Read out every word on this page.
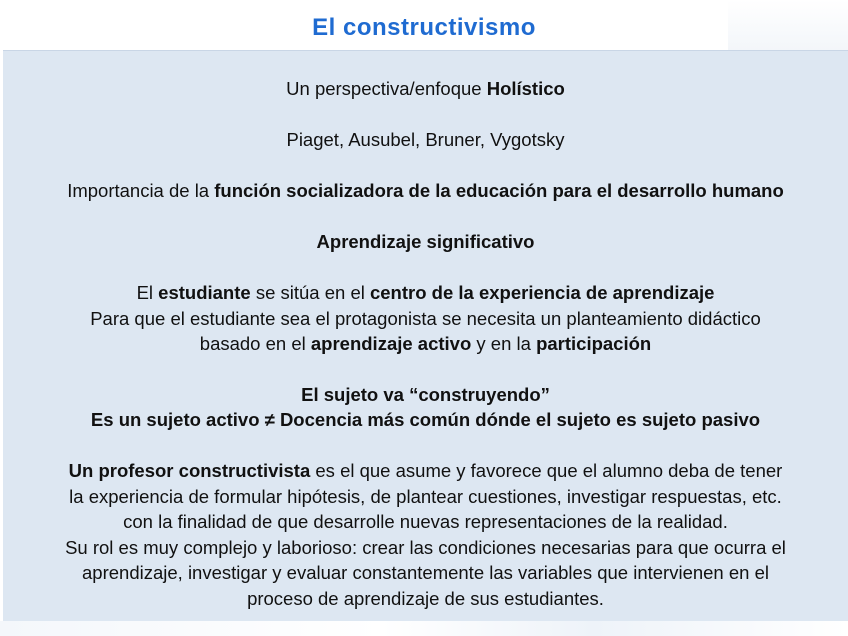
El constructivismo

Un perspectiva/enfoque Holístico

Piaget, Ausubel, Bruner, Vygotsky

Importancia de la función socializadora de la educación para el desarrollo humano

Aprendizaje significativo

El estudiante se sitúa en el centro de la experiencia de aprendizaje

Para que el estudiante sea el protagonista se necesita un planteamiento didáctico

basado en el aprendizaje activo y en la participación

El sujeto va “construyendo”

Es un sujeto activo ≠ Docencia más común dónde el sujeto es sujeto pasivo

Un profesor constructivista es el que asume y favorece que el alumno deba de tener

la experiencia de formular hipótesis, de plantear cuestiones, investigar respuestas, etc.

con la finalidad de que desarrolle nuevas representaciones de la realidad.

Su rol es muy complejo y laborioso: crear las condiciones necesarias para que ocurra el

aprendizaje, investigar y evaluar constantemente las variables que intervienen en el

proceso de aprendizaje de sus estudiantes.
